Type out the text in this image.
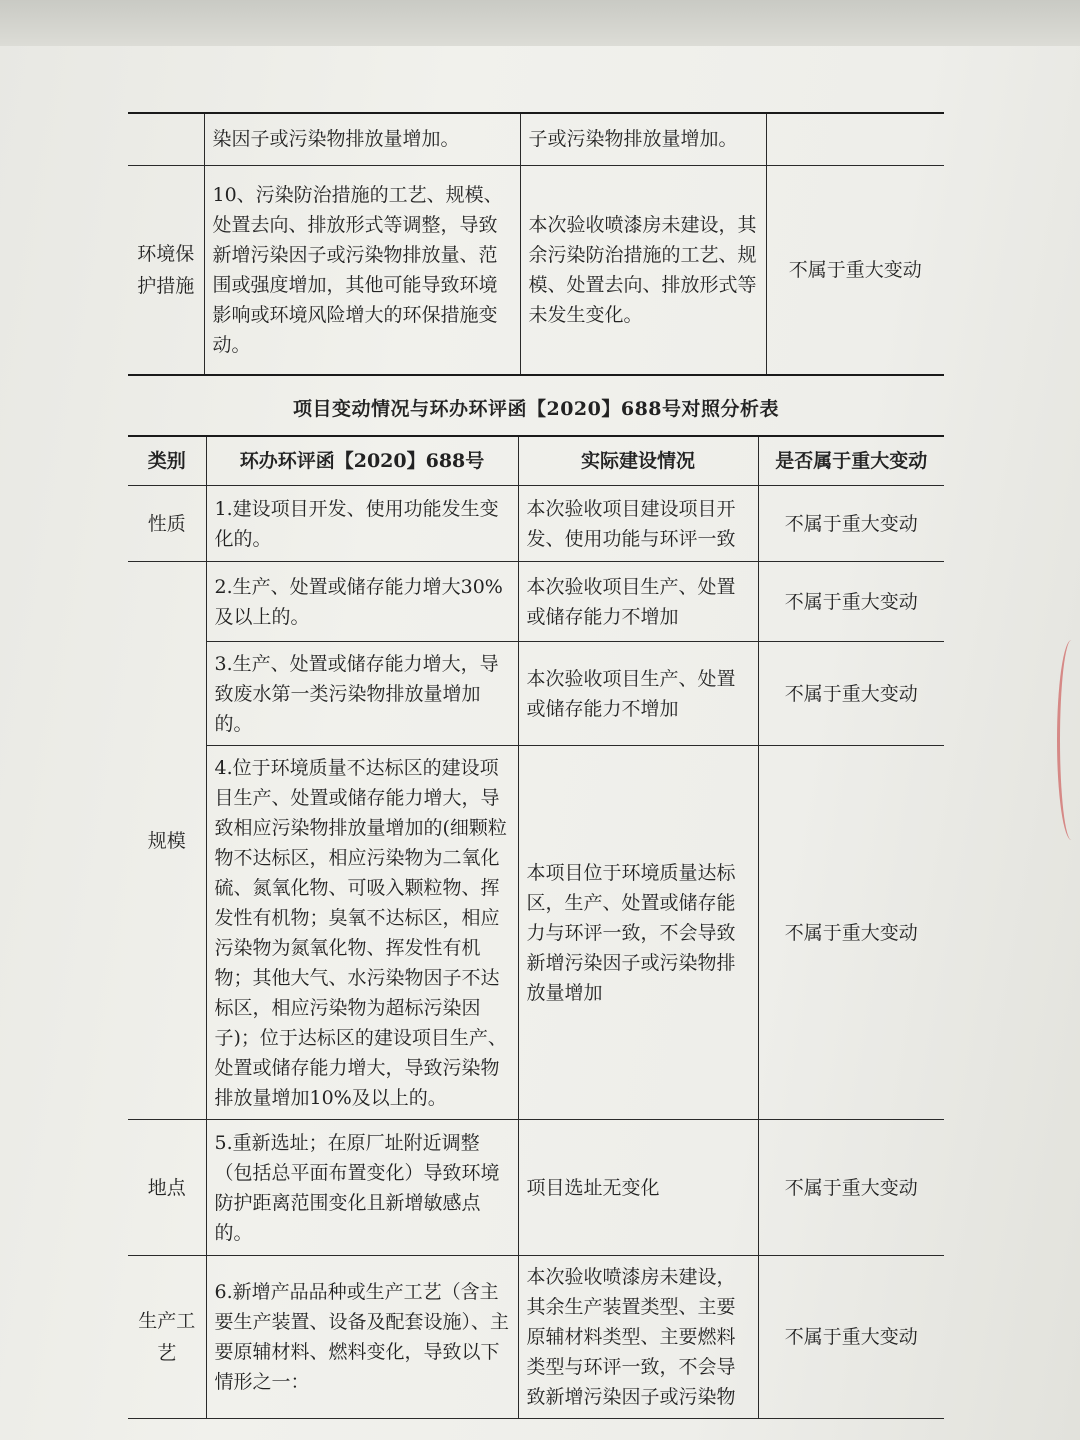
	染因子或污染物排放量增加。	子或污染物排放量增加。	
环境保护措施	10、污染防治措施的工艺、规模、处置去向、排放形式等调整，导致新增污染因子或污染物排放量、范围或强度增加，其他可能导致环境影响或环境风险增大的环保措施变动。	本次验收喷漆房未建设，其余污染防治措施的工艺、规模、处置去向、排放形式等未发生变化。	不属于重大变动
项目变动情况与环办环评函【2020】688号对照分析表
类别	环办环评函【2020】688号	实际建设情况	是否属于重大变动
性质	1.建设项目开发、使用功能发生变化的。	本次验收项目建设项目开发、使用功能与环评一致	不属于重大变动
规模	2.生产、处置或储存能力增大30%及以上的。	本次验收项目生产、处置或储存能力不增加	不属于重大变动
	3.生产、处置或储存能力增大，导致废水第一类污染物排放量增加的。	本次验收项目生产、处置或储存能力不增加	不属于重大变动
	4.位于环境质量不达标区的建设项目生产、处置或储存能力增大，导致相应污染物排放量增加的(细颗粒物不达标区，相应污染物为二氧化硫、氮氧化物、可吸入颗粒物、挥发性有机物；臭氧不达标区，相应污染物为氮氧化物、挥发性有机物；其他大气、水污染物因子不达标区，相应污染物为超标污染因子)；位于达标区的建设项目生产、处置或储存能力增大，导致污染物排放量增加10%及以上的。	本项目位于环境质量达标区，生产、处置或储存能力与环评一致，不会导致新增污染因子或污染物排放量增加	不属于重大变动
地点	5.重新选址；在原厂址附近调整（包括总平面布置变化）导致环境防护距离范围变化且新增敏感点的。	项目选址无变化	不属于重大变动
生产工艺	6.新增产品品种或生产工艺（含主要生产装置、设备及配套设施）、主要原辅材料、燃料变化，导致以下情形之一：	本次验收喷漆房未建设，其余生产装置类型、主要原辅材料类型、主要燃料类型与环评一致，不会导致新增污染因子或污染物	不属于重大变动
